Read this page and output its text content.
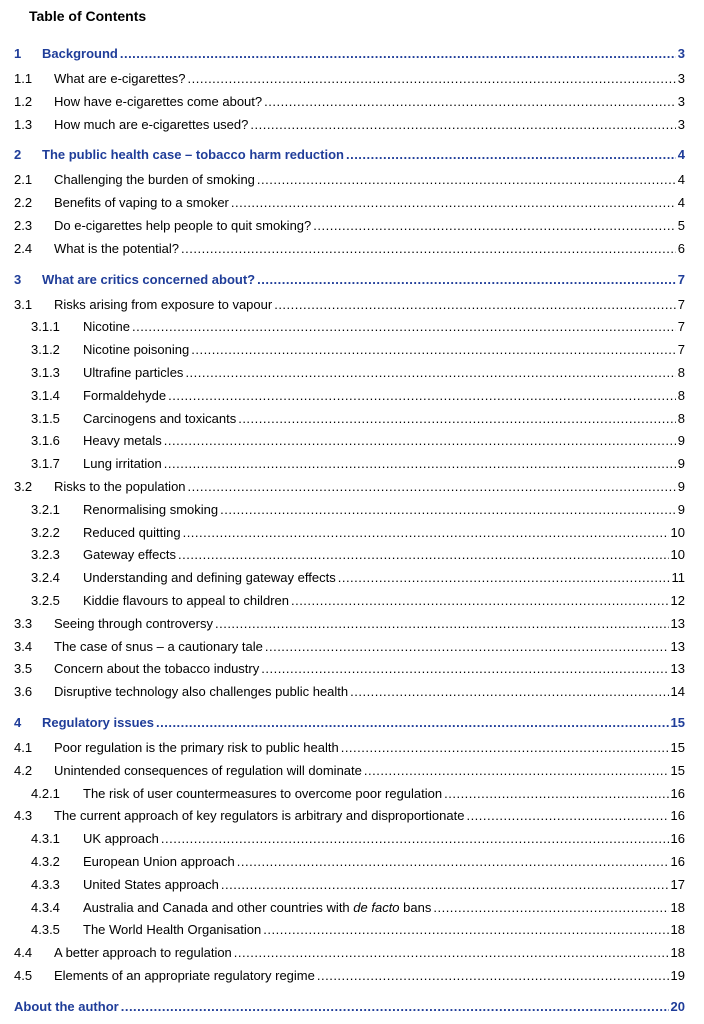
Table of Contents
1	Background .....	3
1.1	What are e-cigarettes? .....	3
1.2	How have e-cigarettes come about? .....	3
1.3	How much are e-cigarettes used? .....	3
2	The public health case – tobacco harm reduction .....	4
2.1	Challenging the burden of smoking .....	4
2.2	Benefits of vaping to a smoker .....	4
2.3	Do e-cigarettes help people to quit smoking? .....	5
2.4	What is the potential? .....	6
3	What are critics concerned about? .....	7
3.1	Risks arising from exposure to vapour .....	7
3.1.1	Nicotine .....	7
3.1.2	Nicotine poisoning .....	7
3.1.3	Ultrafine particles .....	8
3.1.4	Formaldehyde .....	8
3.1.5	Carcinogens and toxicants .....	8
3.1.6	Heavy metals .....	9
3.1.7	Lung irritation .....	9
3.2	Risks to the population .....	9
3.2.1	Renormalising smoking .....	9
3.2.2	Reduced quitting .....	10
3.2.3	Gateway effects .....	10
3.2.4	Understanding and defining gateway effects .....	11
3.2.5	Kiddie flavours to appeal to children .....	12
3.3	Seeing through controversy .....	13
3.4	The case of snus – a cautionary tale .....	13
3.5	Concern about the tobacco industry .....	13
3.6	Disruptive technology also challenges public health .....	14
4	Regulatory issues .....	15
4.1	Poor regulation is the primary risk to public health .....	15
4.2	Unintended consequences of regulation will dominate .....	15
4.2.1	The risk of user countermeasures to overcome poor regulation .....	16
4.3	The current approach of key regulators is arbitrary and disproportionate .....	16
4.3.1	UK approach .....	16
4.3.2	European Union approach .....	16
4.3.3	United States approach .....	17
4.3.4	Australia and Canada and other countries with de facto bans .....	18
4.3.5	The World Health Organisation .....	18
4.4	A better approach to regulation .....	18
4.5	Elements of an appropriate regulatory regime .....	19
About the author .....	20
